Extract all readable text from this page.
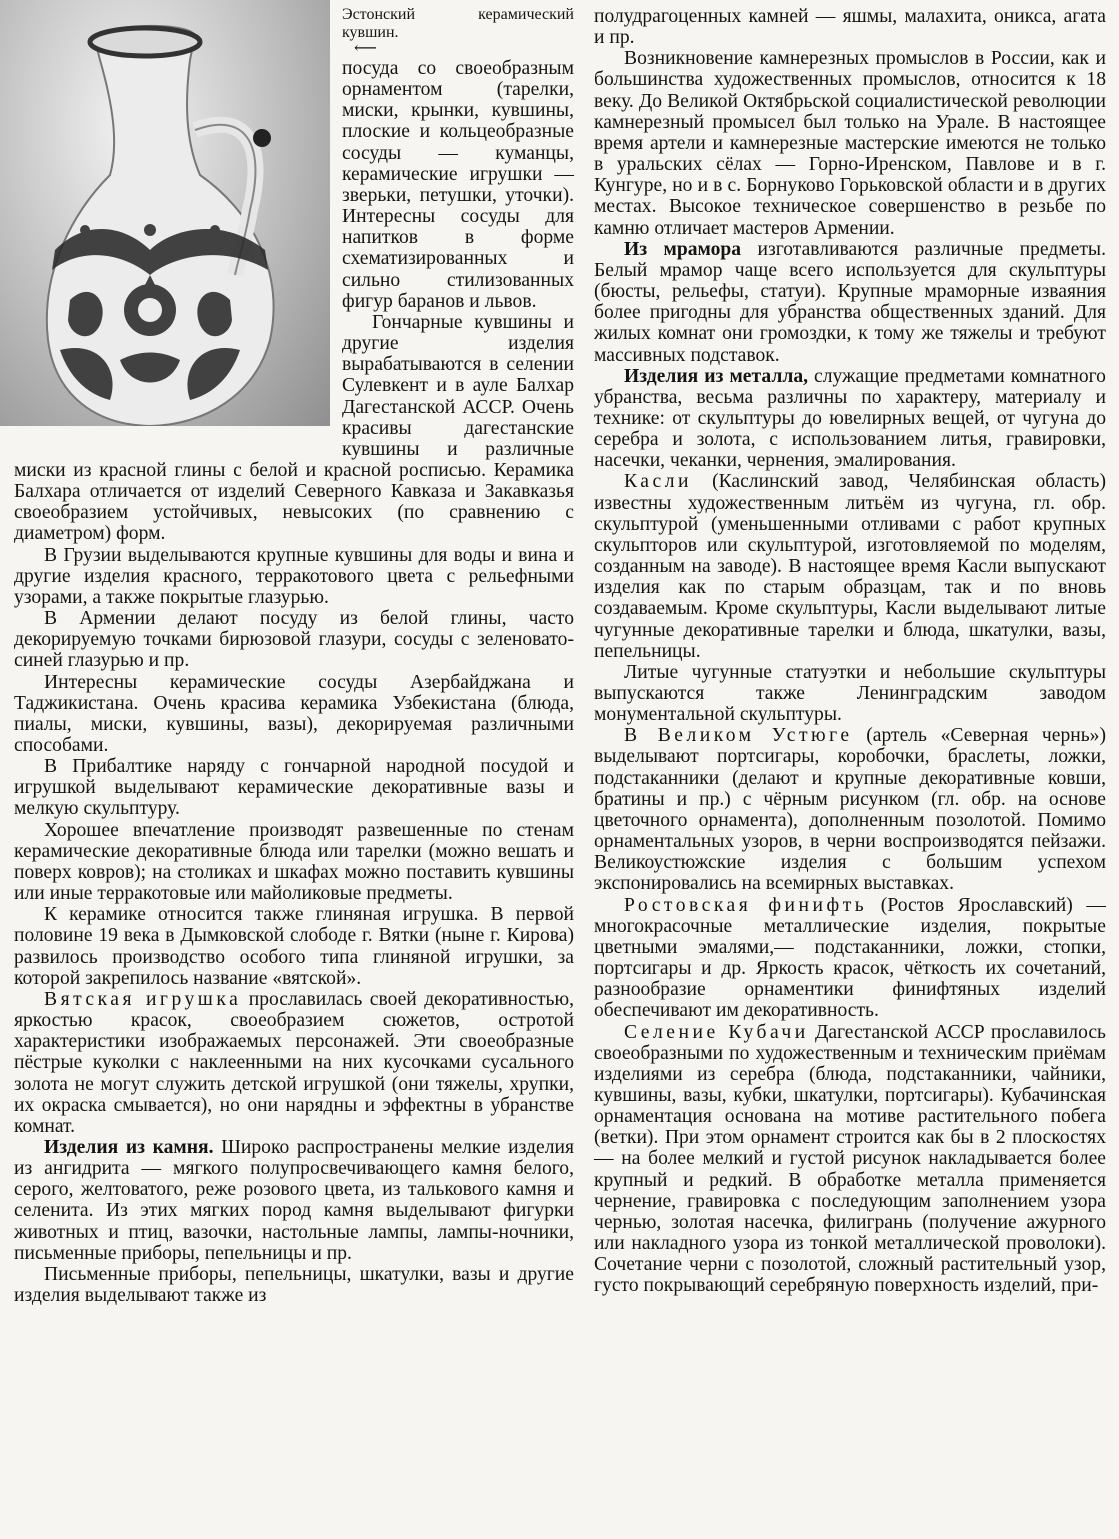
Эстонский керамический кувшин.

⟵

посуда со своеобразным орнаментом (тарелки, миски, крынки, кувшины, плоские и кольцеобразные сосуды — куманцы, керамические игрушки — зверьки, петушки, уточки). Интересны сосуды для напитков в форме схематизированных и сильно стилизованных фигур баранов и львов.

Гончарные кувшины и другие изделия вырабатываются в селении Сулевкент и в ауле Балхар Дагестанской АССР. Очень красивы дагестанские кувшины и различные миски из красной глины с белой и красной росписью. Керамика Балхара отличается от изделий Северного Кавказа и Закавказья своеобразием устойчивых, невысоких (по сравнению с диаметром) форм.

В Грузии выделываются крупные кувшины для воды и вина и другие изделия красного, терракотового цвета с рельефными узорами, а также покрытые глазурью.

В Армении делают посуду из белой глины, часто декорируемую точками бирюзовой глазури, сосуды с зеленовато-синей глазурью и пр.

Интересны керамические сосуды Азербайджана и Таджикистана. Очень красива керамика Узбекистана (блюда, пиалы, миски, кувшины, вазы), декорируемая различными способами.

В Прибалтике наряду с гончарной народной посудой и игрушкой выделывают керамические декоративные вазы и мелкую скульптуру.

Хорошее впечатление производят развешенные по стенам керамические декоративные блюда или тарелки (можно вешать и поверх ковров); на столиках и шкафах можно поставить кувшины или иные терракотовые или майоликовые предметы.

К керамике относится также глиняная игрушка. В первой половине 19 века в Дымковской слободе г. Вятки (ныне г. Кирова) развилось производство особого типа глиняной игрушки, за которой закрепилось название «вятской».

Вятская игрушка прославилась своей декоративностью, яркостью красок, своеобразием сюжетов, остротой характеристики изображаемых персонажей. Эти своеобразные пёстрые куколки с наклеенными на них кусочками сусального золота не могут служить детской игрушкой (они тяжелы, хрупки, их окраска смывается), но они нарядны и эффектны в убранстве комнат.

Изделия из камня. Широко распространены мелкие изделия из ангидрита — мягкого полупросвечивающего камня белого, серого, желтоватого, реже розового цвета, из талькового камня и селенита. Из этих мягких пород камня выделывают фигурки животных и птиц, вазочки, настольные лампы, лампы-ночники, письменные приборы, пепельницы и пр.

Письменные приборы, пепельницы, шкатулки, вазы и другие изделия выделывают также из

полудрагоценных камней — яшмы, малахита, оникса, агата и пр.

Возникновение камнерезных промыслов в России, как и большинства художественных промыслов, относится к 18 веку. До Великой Октябрьской социалистической революции камнерезный промысел был только на Урале. В настоящее время артели и камнерезные мастерские имеются не только в уральских сёлах — Горно-Иренском, Павлове и в г. Кунгуре, но и в с. Борнуково Горьковской области и в других местах. Высокое техническое совершенство в резьбе по камню отличает мастеров Армении.

Из мрамора изготавливаются различные предметы. Белый мрамор чаще всего используется для скульптуры (бюсты, рельефы, статуи). Крупные мраморные изваяния более пригодны для убранства общественных зданий. Для жилых комнат они громоздки, к тому же тяжелы и требуют массивных подставок.

Изделия из металла, служащие предметами комнатного убранства, весьма различны по характеру, материалу и технике: от скульптуры до ювелирных вещей, от чугуна до серебра и золота, с использованием литья, гравировки, насечки, чеканки, чернения, эмалирования.

Касли (Каслинский завод, Челябинская область) известны художественным литьём из чугуна, гл. обр. скульптурой (уменьшенными отливами с работ крупных скульпторов или скульптурой, изготовляемой по моделям, созданным на заводе). В настоящее время Касли выпускают изделия как по старым образцам, так и по вновь создаваемым. Кроме скульптуры, Касли выделывают литые чугунные декоративные тарелки и блюда, шкатулки, вазы, пепельницы.

Литые чугунные статуэтки и небольшие скульптуры выпускаются также Ленинградским заводом монументальной скульптуры.

В Великом Устюге (артель «Северная чернь») выделывают портсигары, коробочки, браслеты, ложки, подстаканники (делают и крупные декоративные ковши, братины и пр.) с чёрным рисунком (гл. обр. на основе цветочного орнамента), дополненным позолотой. Помимо орнаментальных узоров, в черни воспроизводятся пейзажи. Великоустюжские изделия с большим успехом экспонировались на всемирных выставках.

Ростовская финифть (Ростов Ярославский) — многокрасочные металлические изделия, покрытые цветными эмалями,— подстаканники, ложки, стопки, портсигары и др. Яркость красок, чёткость их сочетаний, разнообразие орнаментики финифтяных изделий обеспечивают им декоративность.

Селение Кубачи Дагестанской АССР прославилось своеобразными по художественным и техническим приёмам изделиями из серебра (блюда, подстаканники, чайники, кувшины, вазы, кубки, шкатулки, портсигары). Кубачинская орнаментация основана на мотиве растительного побега (ветки). При этом орнамент строится как бы в 2 плоскостях — на более мелкий и густой рисунок накладывается более крупный и редкий. В обработке металла применяется чернение, гравировка с последующим заполнением узора чернью, золотая насечка, филигрань (получение ажурного или накладного узора из тонкой металлической проволоки). Сочетание черни с позолотой, сложный растительный узор, густо покрывающий серебряную поверхность изделий, при-
